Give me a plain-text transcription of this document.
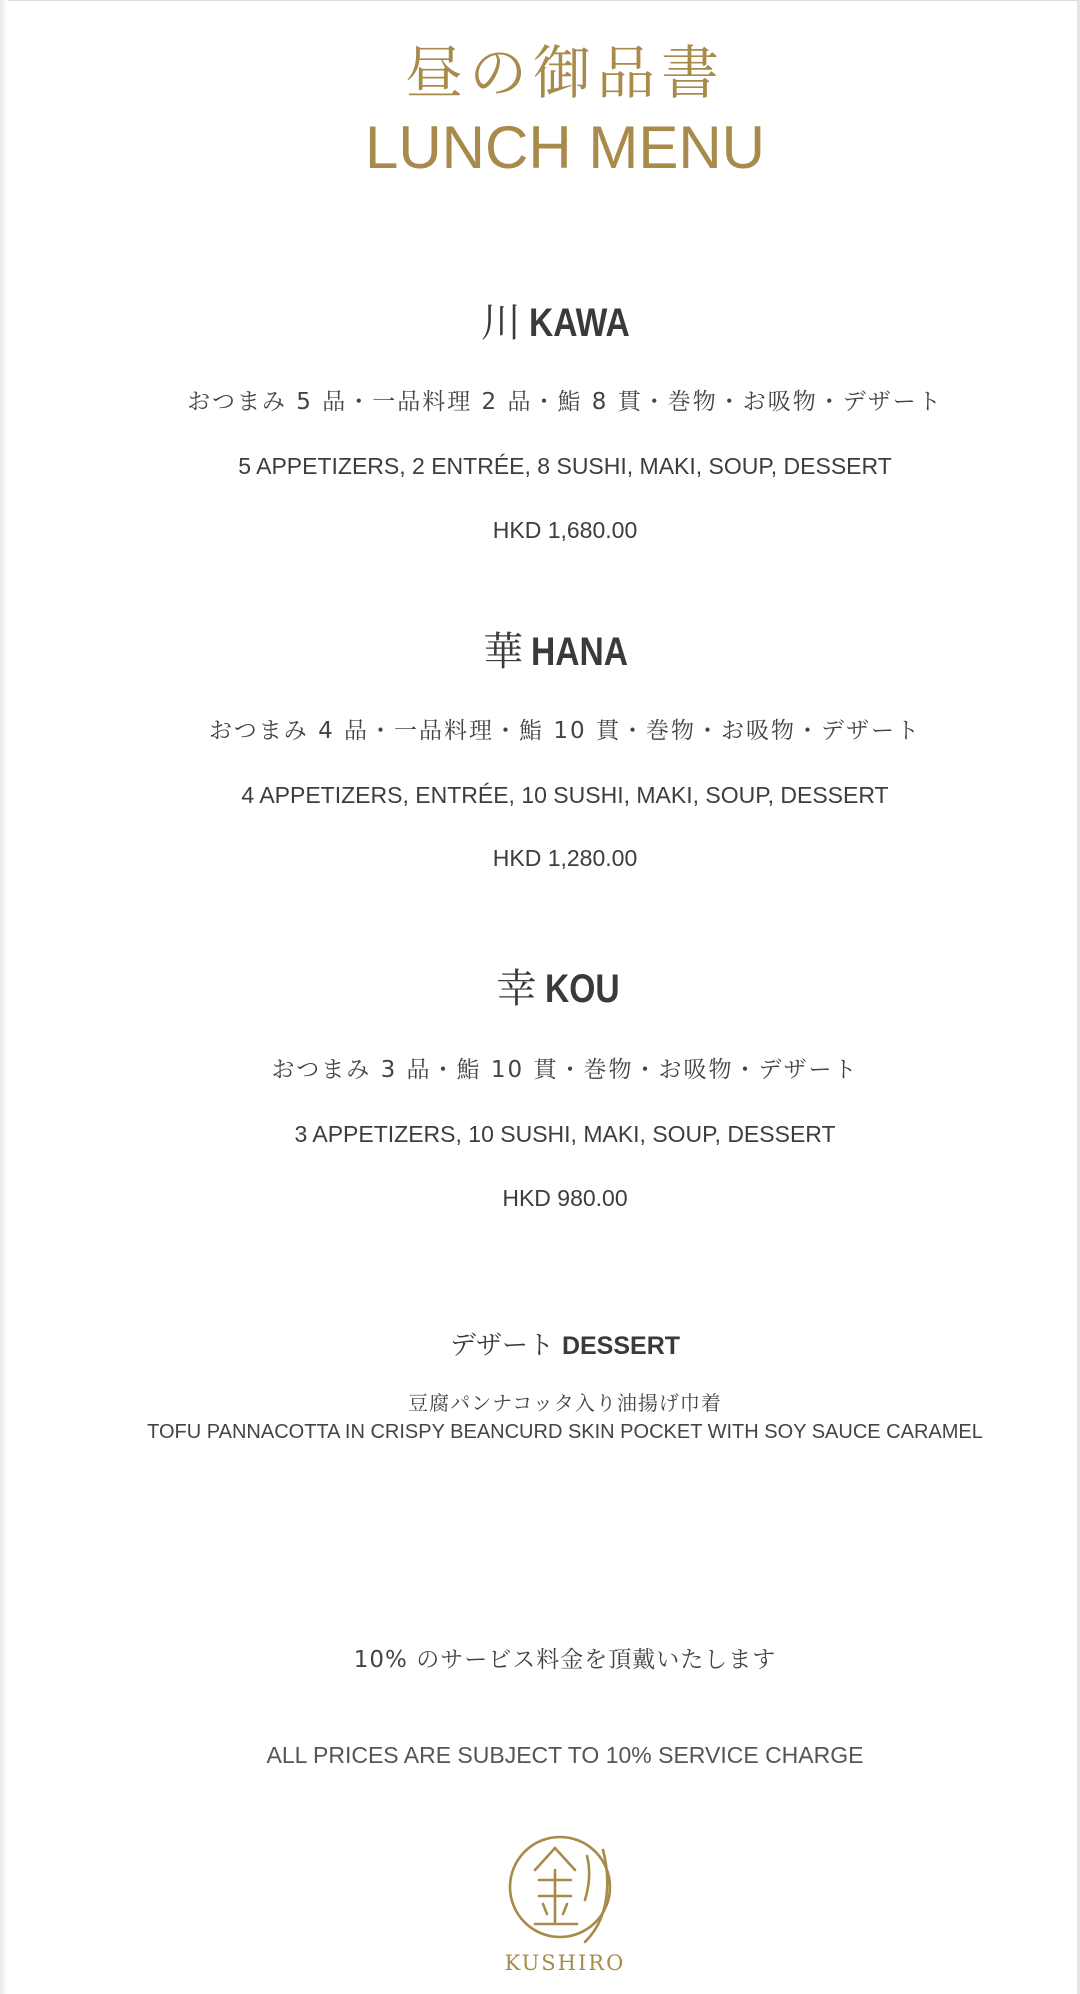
昼の御品書
LUNCH MENU
川 KAWA
おつまみ 5 品・一品料理 2 品・鮨 8 貫・巻物・お吸物・デザート
5 APPETIZERS, 2 ENTRÉE, 8 SUSHI, MAKI, SOUP, DESSERT
HKD 1,680.00
華 HANA
おつまみ 4 品・一品料理・鮨 10 貫・巻物・お吸物・デザート
4 APPETIZERS, ENTRÉE, 10 SUSHI, MAKI, SOUP, DESSERT
HKD 1,280.00
幸 KOU
おつまみ 3 品・鮨 10 貫・巻物・お吸物・デザート
3 APPETIZERS, 10 SUSHI, MAKI, SOUP, DESSERT
HKD 980.00
デザート DESSERT
豆腐パンナコッタ入り油揚げ巾着
TOFU PANNACOTTA IN CRISPY BEANCURD SKIN POCKET WITH SOY SAUCE CARAMEL
10% のサービス料金を頂戴いたします
ALL PRICES ARE SUBJECT TO 10% SERVICE CHARGE
KUSHIRO
